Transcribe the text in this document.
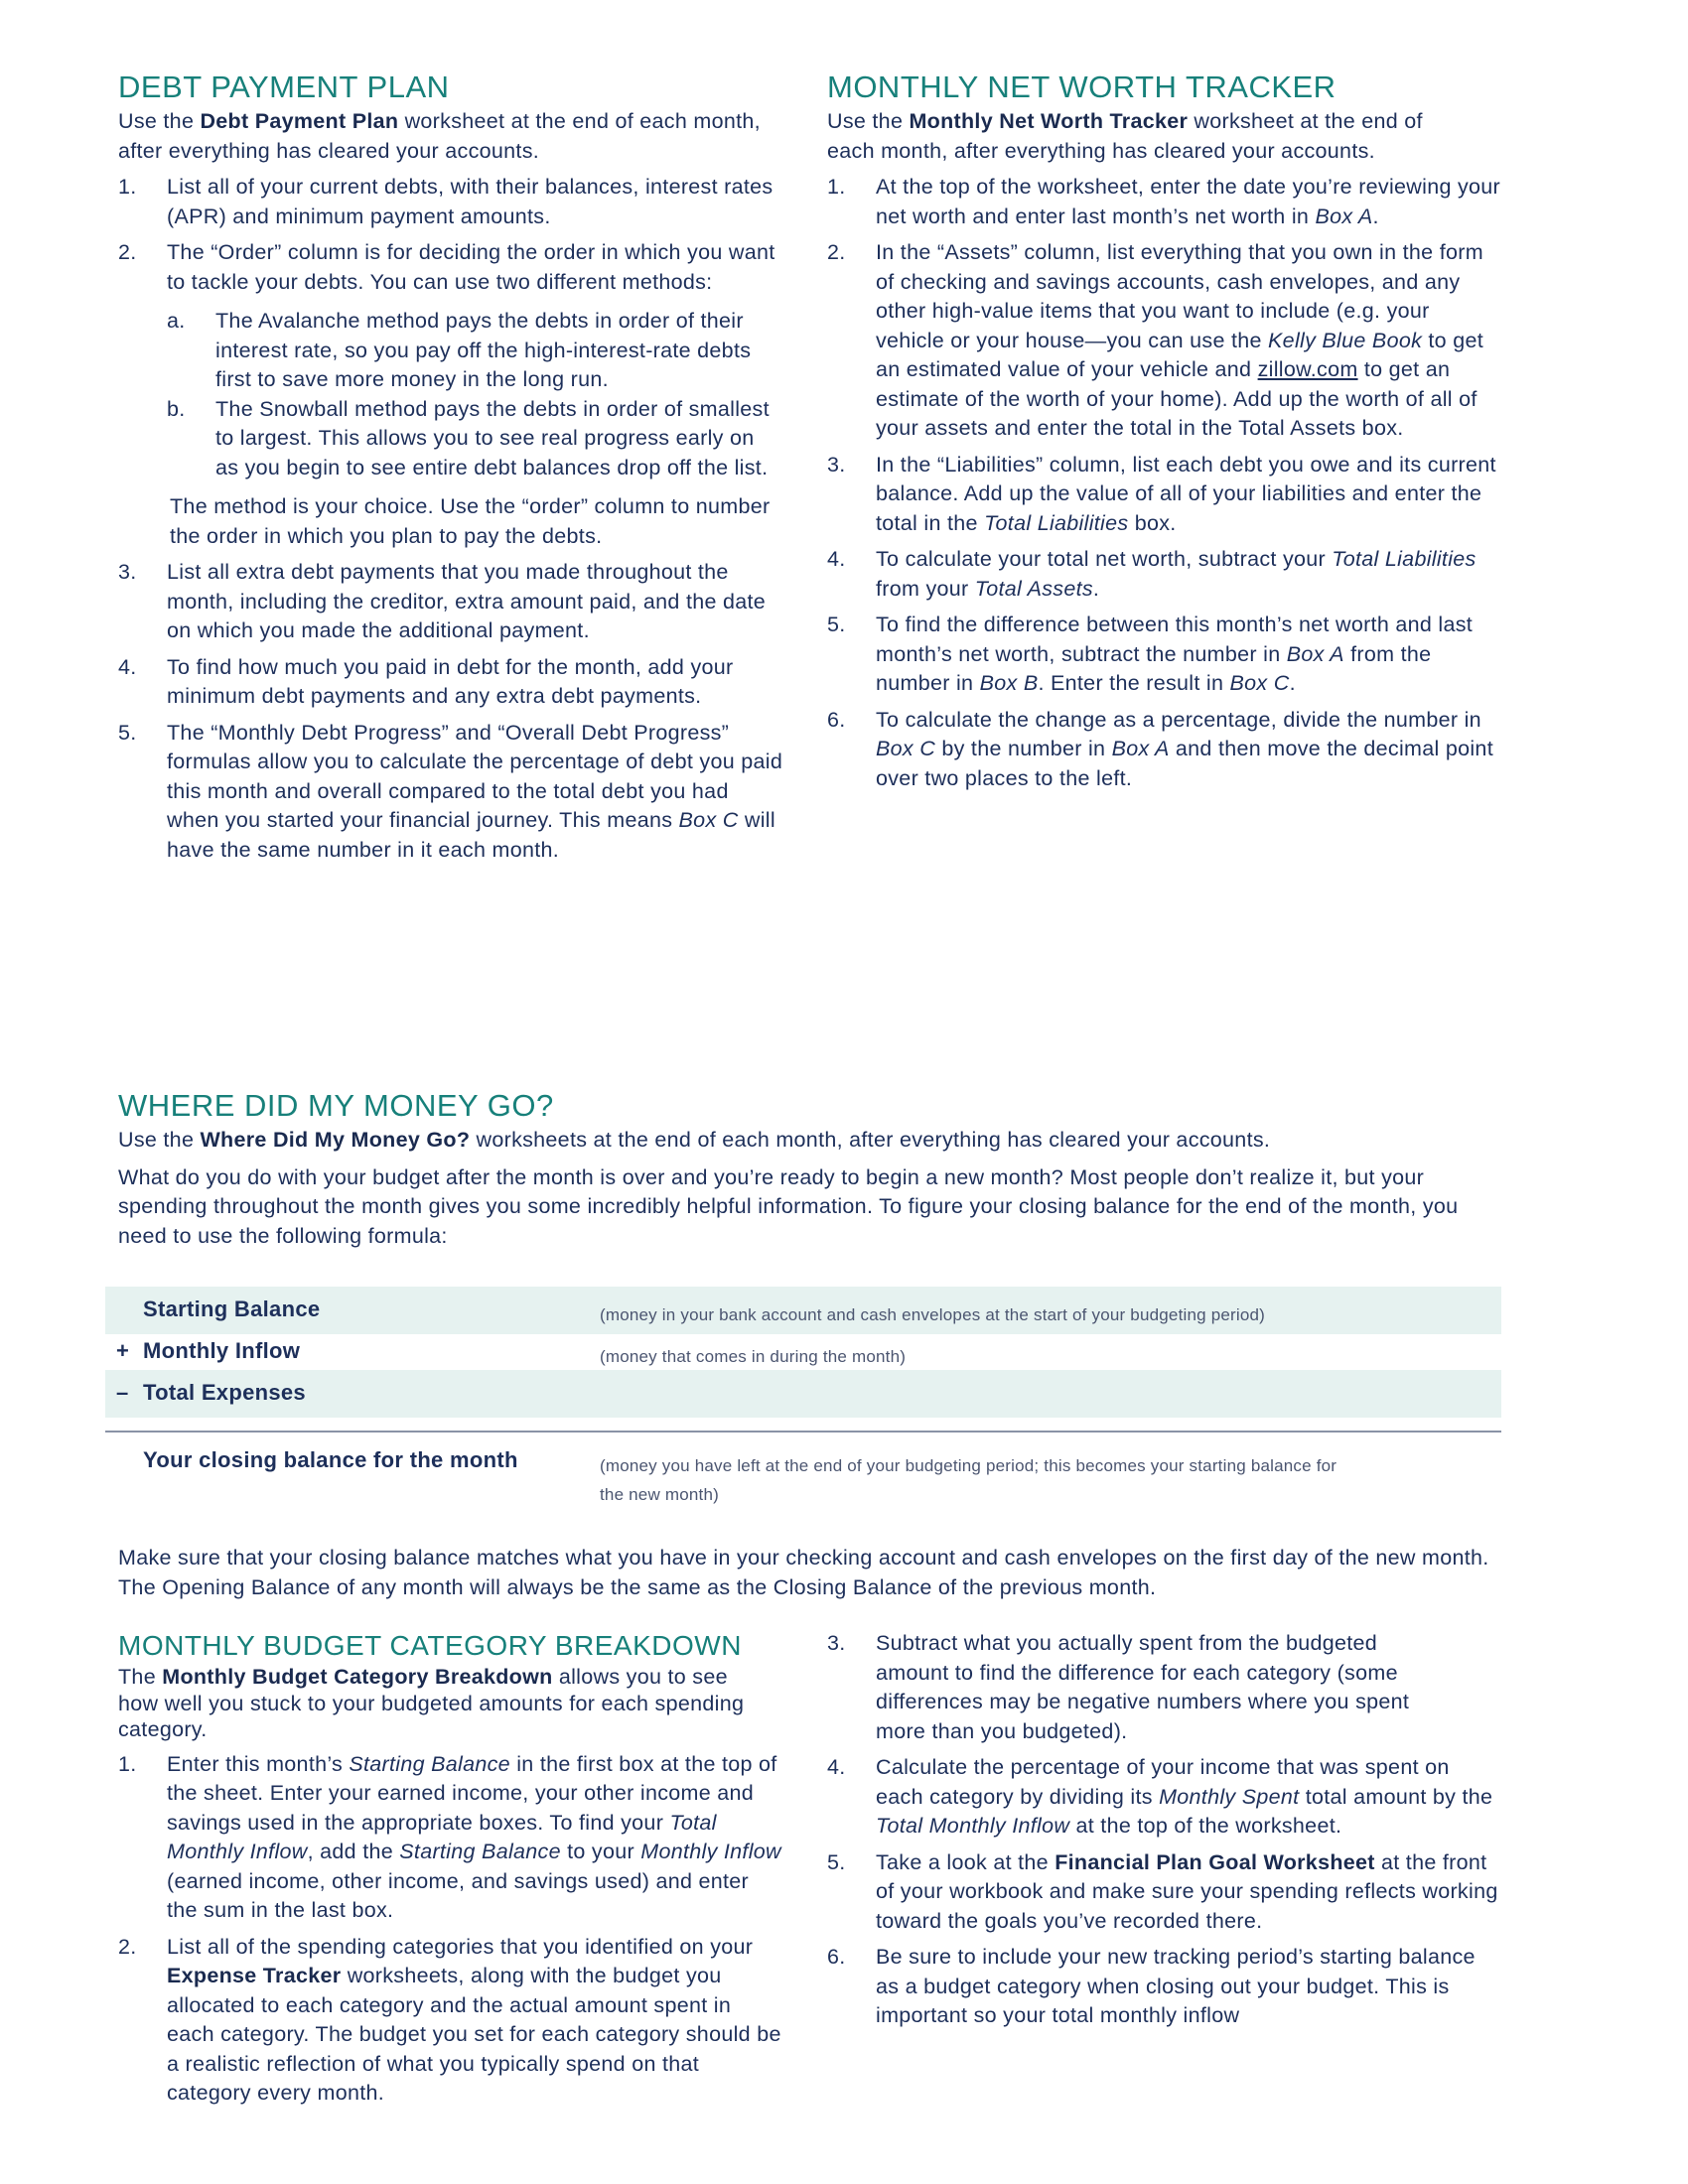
DEBT PAYMENT PLAN

Use the Debt Payment Plan worksheet at the end of each month, after everything has cleared your accounts.

1. List all of your current debts, with their balances, interest rates (APR) and minimum payment amounts.
2. The “Order” column is for deciding the order in which you want to tackle your debts. You can use two different methods:
a. The Avalanche method pays the debts in order of their interest rate, so you pay off the high-interest-rate debts first to save more money in the long run.
b. The Snowball method pays the debts in order of smallest to largest. This allows you to see real progress early on as you begin to see entire debt balances drop off the list.

The method is your choice. Use the “order” column to number the order in which you plan to pay the debts.

3. List all extra debt payments that you made throughout the month, including the creditor, extra amount paid, and the date on which you made the additional payment.
4. To find how much you paid in debt for the month, add your minimum debt payments and any extra debt payments.
5. The “Monthly Debt Progress” and “Overall Debt Progress” formulas allow you to calculate the percentage of debt you paid this month and overall compared to the total debt you had when you started your financial journey. This means Box C will have the same number in it each month.
MONTHLY NET WORTH TRACKER

Use the Monthly Net Worth Tracker worksheet at the end of each month, after everything has cleared your accounts.

1. At the top of the worksheet, enter the date you’re reviewing your net worth and enter last month’s net worth in Box A.
2. In the “Assets” column, list everything that you own in the form of checking and savings accounts, cash envelopes, and any other high-value items that you want to include (e.g. your vehicle or your house—you can use the Kelly Blue Book to get an estimated value of your vehicle and zillow.com to get an estimate of the worth of your home). Add up the worth of all of your assets and enter the total in the Total Assets box.
3. In the “Liabilities” column, list each debt you owe and its current balance. Add up the value of all of your liabilities and enter the total in the Total Liabilities box.
4. To calculate your total net worth, subtract your Total Liabilities from your Total Assets.
5. To find the difference between this month’s net worth and last month’s net worth, subtract the number in Box A from the number in Box B. Enter the result in Box C.
6. To calculate the change as a percentage, divide the number in Box C by the number in Box A and then move the decimal point over two places to the left.
WHERE DID MY MONEY GO?

Use the Where Did My Money Go? worksheets at the end of each month, after everything has cleared your accounts.

What do you do with your budget after the month is over and you’re ready to begin a new month? Most people don’t realize it, but your spending throughout the month gives you some incredibly helpful information. To figure your closing balance for the end of the month, you need to use the following formula:

Starting Balance	(money in your bank account and cash envelopes at the start of your budgeting period)
+ Monthly Inflow	(money that comes in during the month)
– Total Expenses
Your closing balance for the month	(money you have left at the end of your budgeting period; this becomes your starting balance for the new month)

Make sure that your closing balance matches what you have in your checking account and cash envelopes on the first day of the new month. The Opening Balance of any month will always be the same as the Closing Balance of the previous month.

MONTHLY BUDGET CATEGORY BREAKDOWN

The Monthly Budget Category Breakdown allows you to see how well you stuck to your budgeted amounts for each spending category.

1. Enter this month’s Starting Balance in the first box at the top of the sheet. Enter your earned income, your other income and savings used in the appropriate boxes. To find your Total Monthly Inflow, add the Starting Balance to your Monthly Inflow (earned income, other income, and savings used) and enter the sum in the last box.
2. List all of the spending categories that you identified on your Expense Tracker worksheets, along with the budget you allocated to each category and the actual amount spent in each category. The budget you set for each category should be a realistic reflection of what you typically spend on that category every month.
3. Subtract what you actually spent from the budgeted amount to find the difference for each category (some differences may be negative numbers where you spent more than you budgeted).
4. Calculate the percentage of your income that was spent on each category by dividing its Monthly Spent total amount by the Total Monthly Inflow at the top of the worksheet.
5. Take a look at the Financial Plan Goal Worksheet at the front of your workbook and make sure your spending reflects working toward the goals you’ve recorded there.
6. Be sure to include your new tracking period’s starting balance as a budget category when closing out your budget. This is important so your total monthly inflow
